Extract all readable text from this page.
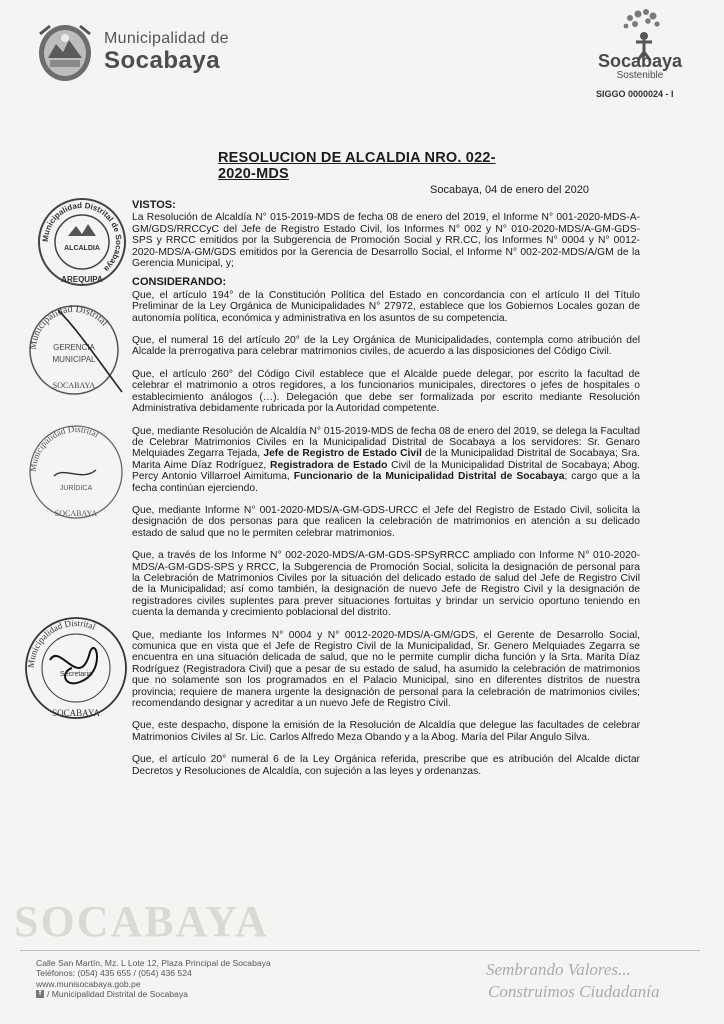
Municipalidad de
Socabaya	Socabaya
Sostenible
SIGGO 0000024 - I
RESOLUCION DE ALCALDIA NRO. 022-2020-MDS
Socabaya, 04 de enero del 2020
VISTOS:

La Resolución de Alcaldía N° 015-2019-MDS de fecha 08 de enero del 2019, el Informe N° 001-2020-MDS-A-GM/GDS/RRCCyC del Jefe de Registro Estado Civil, los Informes N° 002 y N° 010-2020-MDS/A-GM-GDS-SPS y RRCC emitidos por la Subgerencia de Promoción Social y RR.CC, los Informes N° 0004 y N° 0012-2020-MDS/A-GM/GDS emitidos por la Gerencia de Desarrollo Social, el Informe N° 002-202-MDS/A/GM de la Gerencia Municipal, y;

CONSIDERANDO:

Que, el artículo 194° de la Constitución Política del Estado en concordancia con el artículo II del Título Preliminar de la Ley Orgánica de Municipalidades N° 27972, establece que los Gobiernos Locales gozan de autonomía política, económica y administrativa en los asuntos de su competencia.

Que, el numeral 16 del artículo 20° de la Ley Orgánica de Municipalidades, contempla como atribución del Alcalde la prerrogativa para celebrar matrimonios civiles, de acuerdo a las disposiciones del Código Civil.

Que, el artículo 260° del Código Civil establece que el Alcalde puede delegar, por escrito la facultad de celebrar el matrimonio a otros regidores, a los funcionarios municipales, directores o jefes de hospitales o establecimiento análogos (…). Delegación que debe ser formalizada por escrito mediante Resolución Administrativa debidamente rubricada por la Autoridad competente.

Que, mediante Resolución de Alcaldía N° 015-2019-MDS de fecha 08 de enero del 2019, se delega la Facultad de Celebrar Matrimonios Civiles en la Municipalidad Distrital de Socabaya a los servidores: Sr. Genaro Melquiades Zegarra Tejada, Jefe de Registro de Estado Civil de la Municipalidad Distrital de Socabaya; Sra. Marita Aime Díaz Rodríguez, Registradora de Estado Civil de la Municipalidad Distrital de Socabaya; Abog. Percy Antonio Villarroel Aimituma, Funcionario de la Municipalidad Distrital de Socabaya; cargo que a la fecha continúan ejerciendo.

Que, mediante Informe N° 001-2020-MDS/A-GM-GDS-URCC el Jefe del Registro de Estado Civil, solicita la designación de dos personas para que realicen la celebración de matrimonios en atención a su delicado estado de salud que no le permiten celebrar matrimonios.

Que, a través de los Informe N° 002-2020-MDS/A-GM-GDS-SPSyRRCC ampliado con Informe N° 010-2020-MDS/A-GM-GDS-SPS y RRCC, la Subgerencia de Promoción Social, solicita la designación de personal para la Celebración de Matrimonios Civiles por la situación del delicado estado de salud del Jefe de Registro Civil de la Municipalidad; así como también, la designación de nuevo Jefe de Registro Civil y la designación de registradores civiles suplentes para prever situaciones fortuitas y brindar un servicio oportuno teniendo en cuenta la demanda y crecimiento poblacional del distrito.

Que, mediante los Informes N° 0004 y N° 0012-2020-MDS/A-GM/GDS, el Gerente de Desarrollo Social, comunica que en vista que el Jefe de Registro Civil de la Municipalidad, Sr. Genero Melquiades Zegarra se encuentra en una situación delicada de salud, que no le permite cumplir dicha función y la Srta. Marita Díaz Rodríguez (Registradora Civil) que a pesar de su estado de salud, ha asumido la celebración de matrimonios que no solamente son los programados en el Palacio Municipal, sino en diferentes distritos de nuestra provincia; requiere de manera urgente la designación de personal para la celebración de matrimonios civiles; recomendando designar y acreditar a un nuevo Jefe de Registro Civil.

Que, este despacho, dispone la emisión de la Resolución de Alcaldía que delegue las facultades de celebrar Matrimonios Civiles al Sr. Lic. Carlos Alfredo Meza Obando y a la Abog. María del Pilar Angulo Silva.

Que, el artículo 20° numeral 6 de la Ley Orgánica referida, prescribe que es atribución del Alcalde dictar Decretos y Resoluciones de Alcaldía, con sujeción a las leyes y ordenanzas.

Municipalidad Distrital de Socabaya
ALCALDIA
AREQUIPA
Municipalidad Distrital
GERENCIA
MUNICIPAL
SOCABAYA
Municipalidad Distrital
JURÍDICA
SOCABAYA
Municipalidad Distrital
Secretaria
SOCABAYA
SOCABAYA
Calle San Martín, Mz. L Lote 12, Plaza Principal de Socabaya
Teléfonos: (054) 435 655 / (054) 436 524
www.munisocabaya.gob.pe
f / Municipalidad Distrital de Socabaya
Sembrando Valores...
Construimos Ciudadanía
